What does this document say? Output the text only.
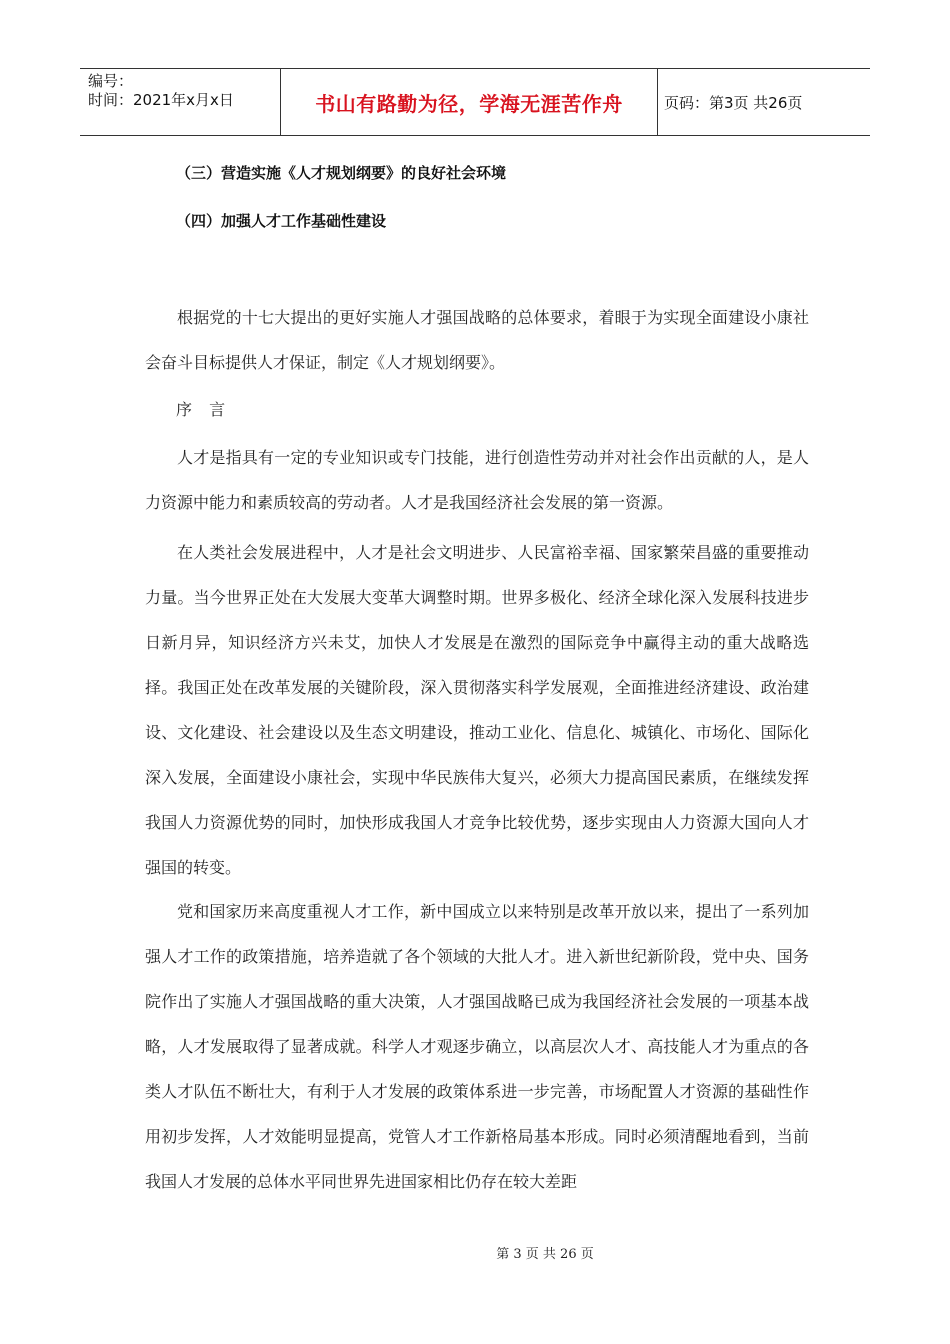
编号：
时间：2021年x月x日	书山有路勤为径，学海无涯苦作舟	页码：第3页 共26页
（三）营造实施《人才规划纲要》的良好社会环境
（四）加强人才工作基础性建设

根据党的十七大提出的更好实施人才强国战略的总体要求，着眼于为实现全面建设小康社会奋斗目标提供人才保证，制定《人才规划纲要》。

序 言

人才是指具有一定的专业知识或专门技能，进行创造性劳动并对社会作出贡献的人，是人力资源中能力和素质较高的劳动者。人才是我国经济社会发展的第一资源。

在人类社会发展进程中，人才是社会文明进步、人民富裕幸福、国家繁荣昌盛的重要推动力量。当今世界正处在大发展大变革大调整时期。世界多极化、经济全球化深入发展科技进步日新月异，知识经济方兴未艾，加快人才发展是在激烈的国际竞争中赢得主动的重大战略选择。我国正处在改革发展的关键阶段，深入贯彻落实科学发展观，全面推进经济建设、政治建设、文化建设、社会建设以及生态文明建设，推动工业化、信息化、城镇化、市场化、国际化深入发展，全面建设小康社会，实现中华民族伟大复兴，必须大力提高国民素质，在继续发挥我国人力资源优势的同时，加快形成我国人才竞争比较优势，逐步实现由人力资源大国向人才强国的转变。

党和国家历来高度重视人才工作，新中国成立以来特别是改革开放以来，提出了一系列加强人才工作的政策措施，培养造就了各个领域的大批人才。进入新世纪新阶段，党中央、国务院作出了实施人才强国战略的重大决策，人才强国战略已成为我国经济社会发展的一项基本战略，人才发展取得了显著成就。科学人才观逐步确立，以高层次人才、高技能人才为重点的各类人才队伍不断壮大，有利于人才发展的政策体系进一步完善，市场配置人才资源的基础性作用初步发挥，人才效能明显提高，党管人才工作新格局基本形成。同时必须清醒地看到，当前我国人才发展的总体水平同世界先进国家相比仍存在较大差距

第 3 页 共 26 页
